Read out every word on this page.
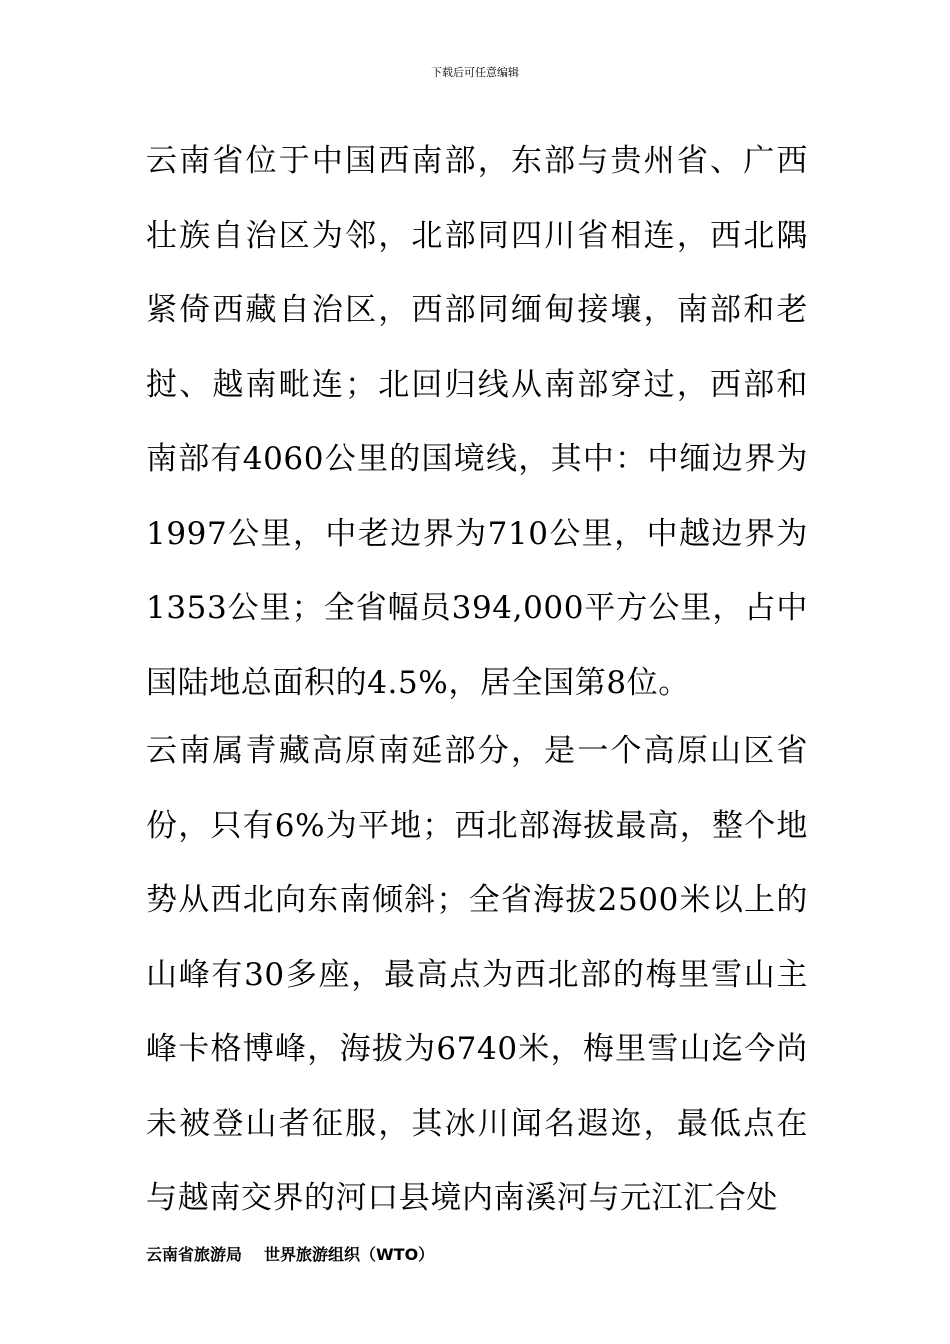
下载后可任意编辑

云南省位于中国西南部，东部与贵州省、广西壮族自治区为邻，北部同四川省相连，西北隅紧倚西藏自治区，西部同缅甸接壤，南部和老挝、越南毗连；北回归线从南部穿过，西部和南部有4060公里的国境线，其中：中缅边界为1997公里，中老边界为710公里，中越边界为1353公里；全省幅员394,000平方公里，占中国陆地总面积的4.5%，居全国第8位。

云南属青藏高原南延部分，是一个高原山区省份，只有6%为平地；西北部海拔最高，整个地势从西北向东南倾斜；全省海拔2500米以上的山峰有30多座，最高点为西北部的梅里雪山主峰卡格博峰，海拔为6740米，梅里雪山迄今尚未被登山者征服，其冰川闻名遐迩，最低点在与越南交界的河口县境内南溪河与元江汇合处

云南省旅游局 世界旅游组织（WTO）
